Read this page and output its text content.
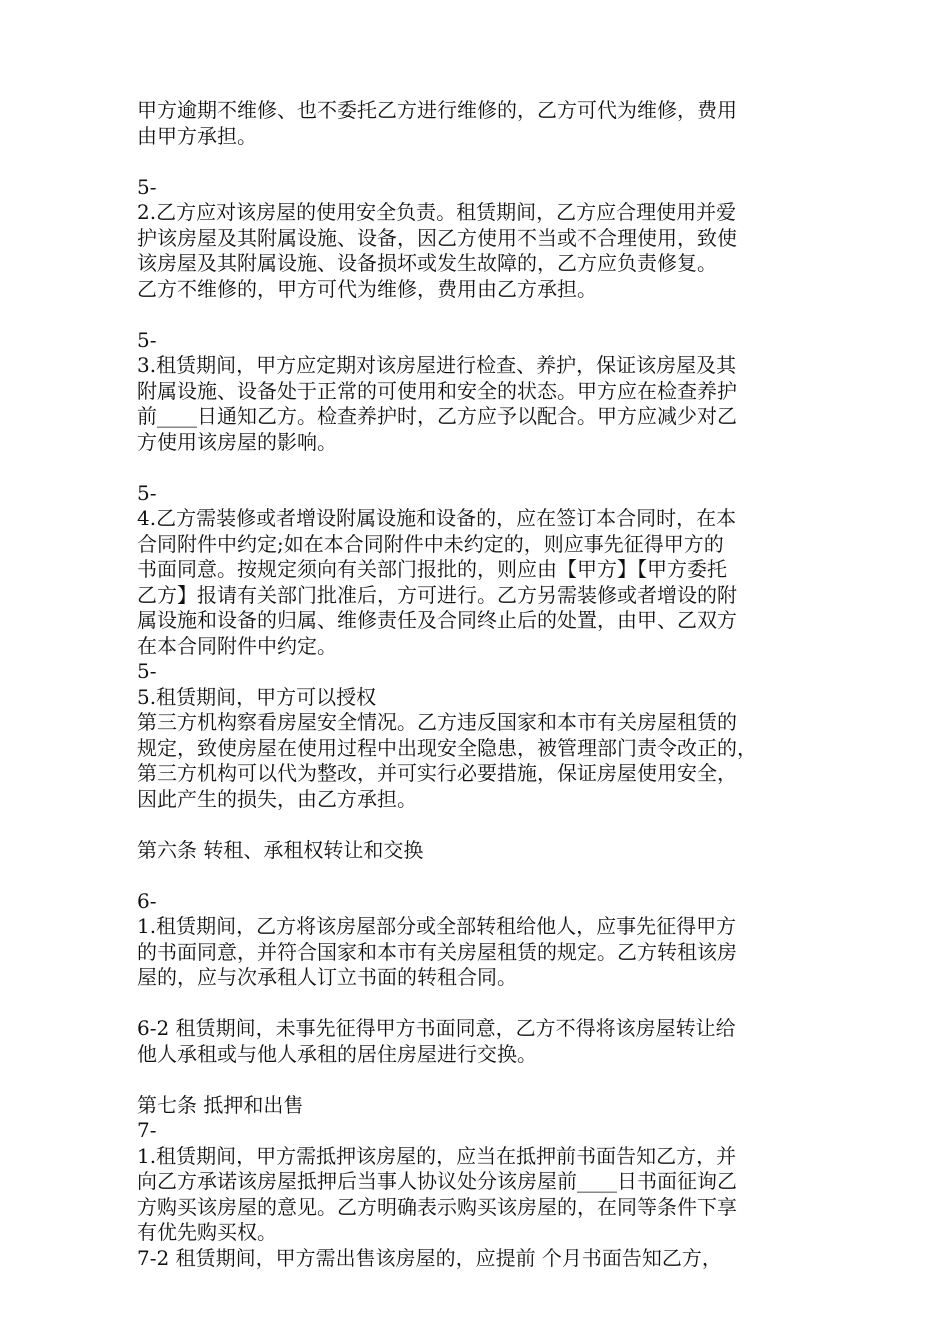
甲方逾期不维修、也不委托乙方进行维修的，乙方可代为维修，费用
由甲方承担。
5-
2.乙方应对该房屋的使用安全负责。租赁期间，乙方应合理使用并爱
护该房屋及其附属设施、设备，因乙方使用不当或不合理使用，致使
该房屋及其附属设施、设备损坏或发生故障的，乙方应负责修复。
乙方不维修的，甲方可代为维修，费用由乙方承担。
5-
3.租赁期间，甲方应定期对该房屋进行检查、养护，保证该房屋及其
附属设施、设备处于正常的可使用和安全的状态。甲方应在检查养护
前____日通知乙方。检查养护时，乙方应予以配合。甲方应减少对乙
方使用该房屋的影响。
5-
4.乙方需装修或者增设附属设施和设备的，应在签订本合同时，在本
合同附件中约定;如在本合同附件中未约定的，则应事先征得甲方的
书面同意。按规定须向有关部门报批的，则应由【甲方】【甲方委托
乙方】报请有关部门批准后，方可进行。乙方另需装修或者增设的附
属设施和设备的归属、维修责任及合同终止后的处置，由甲、乙双方
在本合同附件中约定。
5-
5.租赁期间，甲方可以授权
第三方机构察看房屋安全情况。乙方违反国家和本市有关房屋租赁的
规定，致使房屋在使用过程中出现安全隐患，被管理部门责令改正的，
第三方机构可以代为整改，并可实行必要措施，保证房屋使用安全，
因此产生的损失，由乙方承担。
第六条 转租、承租权转让和交换
6-
1.租赁期间，乙方将该房屋部分或全部转租给他人，应事先征得甲方
的书面同意，并符合国家和本市有关房屋租赁的规定。乙方转租该房
屋的，应与次承租人订立书面的转租合同。
6-2 租赁期间，未事先征得甲方书面同意，乙方不得将该房屋转让给
他人承租或与他人承租的居住房屋进行交换。
第七条 抵押和出售
7-
1.租赁期间，甲方需抵押该房屋的，应当在抵押前书面告知乙方，并
向乙方承诺该房屋抵押后当事人协议处分该房屋前____日书面征询乙
方购买该房屋的意见。乙方明确表示购买该房屋的，在同等条件下享
有优先购买权。
7-2 租赁期间，甲方需出售该房屋的，应提前 个月书面告知乙方，
